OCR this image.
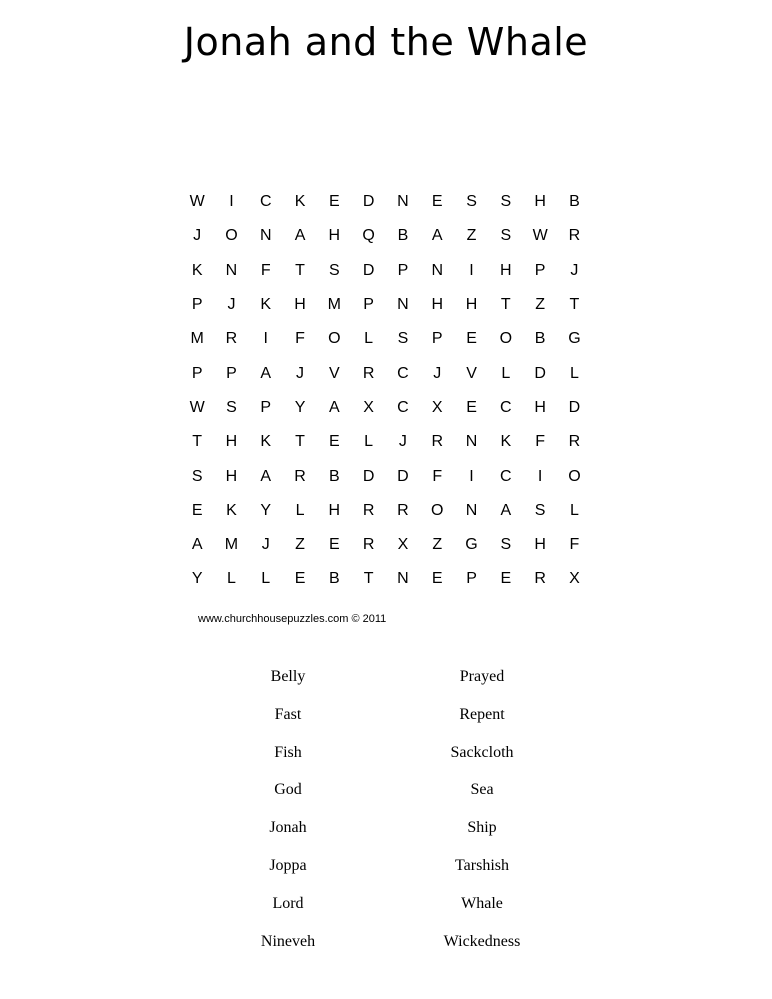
Jonah and the Whale
W	I	C	K	E	D	N	E	S	S	H	B
J	O	N	A	H	Q	B	A	Z	S	W	R
K	N	F	T	S	D	P	N	I	H	P	J
P	J	K	H	M	P	N	H	H	T	Z	T
M	R	I	F	O	L	S	P	E	O	B	G
P	P	A	J	V	R	C	J	V	L	D	L
W	S	P	Y	A	X	C	X	E	C	H	D
T	H	K	T	E	L	J	R	N	K	F	R
S	H	A	R	B	D	D	F	I	C	I	O
E	K	Y	L	H	R	R	O	N	A	S	L
A	M	J	Z	E	R	X	Z	G	S	H	F
Y	L	L	E	B	T	N	E	P	E	R	X
www.churchhousepuzzles.com © 2011
Belly	Prayed
Fast	Repent
Fish	Sackcloth
God	Sea
Jonah	Ship
Joppa	Tarshish
Lord	Whale
Nineveh	Wickedness
